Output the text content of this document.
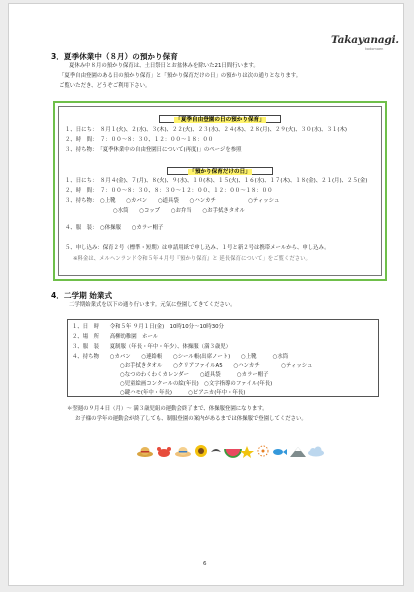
Takayanagi.
kodomoen
3．夏季休業中（８月）の預かり保育
夏休み中８月の預かり保育は、土日祭日とお盆休みを除いた21日間行います。
「夏季自由登園のある日の預かり保育」と「預かり保育だけの日」の預かりは次の通りとなります。
ご覧いただき、どうぞご利用下さい。
「夏季自由登園の日の預かり保育」
１、日にち：　８月１(火)、２(水)、３(木)、２２(火)、２３(水)、２４(木)、２８(月)、２９(火)、３０(水)、３１(木)
２、時　間：　７：００～８：３０、１２：００～１８：００
３、持ち物：　「夏季休業中の自由登園日について(再度)」のページを参照
「預かり保育だけの日」
１、日にち：　８月４(金)、７(月)、８(火)、９(水)、１０(木)、１５(火)、１６(水)、１７(木)、１８(金)、２１(月)、２５(金)
２、時　間：　７：００～８：３０、８：３０～１２：００、１２：００～１８：００
３、持ち物：　○上靴　　○カバン　　○道具袋　　○ハンカチ　　　　　　○ティッシュ
○水筒　　○コップ　　○お弁当　　○お手拭きタオル
４、服　装：　○体操服　　○カラー帽子
５、申し込み：保育２号（標準・短期）は申請用紙で申し込み、１号と新２号は携帯メールから、申し込み。
※料金は、メルヘンランド令和５年４月号『預かり保育』と 延長保育について」をご覧ください。
4．二学期 始業式
二学期始業式を以下の通り行います。元気に登園してきてください。
１、日　時　　令和５年 ９月１日(金)　10時10分～10時30分
２、場　所　　高柳幼稚園　ホール
３、服　装　　夏制服（年長・年中・年少）、体操服（満３歳児）
４、持ち物　　○カバン　　○連絡帳　　○シール帳(出席ノート)　　○上靴　　　○水筒
○お手拭きタオル　　○クリアファイルA5　　○ハンカチ　　　　○ティッシュ
○なつのわくわくカレンダー　　○道具袋　　　○カラー帽子
○児童絵画コンクールの絵(年長)　○文字指導のファイル(年長)
○鍵ハモ(年中・年長)　　　○ピアニカ(年中・年長)
＊翌週の９月４日（月）～ 満３歳児組の運動会終了まで、体操服登園になります。
お子様の学年の運動会が終了しても、制服登園の案内があるまでは体操服で登園してください。
6
